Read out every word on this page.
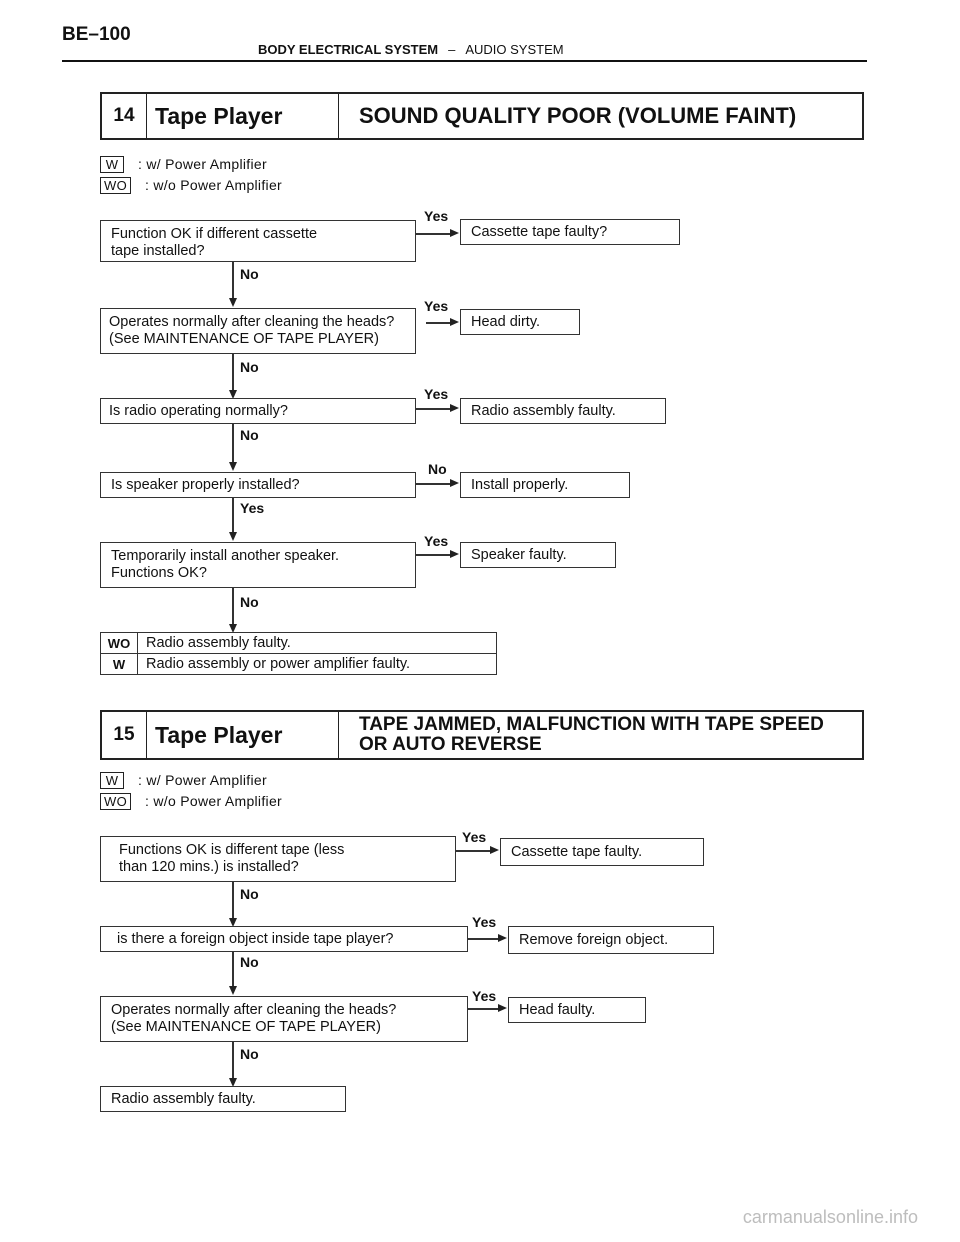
BE–100
BODY ELECTRICAL SYSTEM – AUDIO SYSTEM
14 Tape Player	SOUND QUALITY POOR (VOLUME FAINT)
W : w/ Power Amplifier
WO : w/o Power Amplifier
Function OK if different cassette
tape installed?
Yes
Cassette tape faulty?
No
Operates normally after cleaning the heads?
(See MAINTENANCE OF TAPE PLAYER)
Yes
Head dirty.
No
Is radio operating normally?
Yes
Radio assembly faulty.
No
Is speaker properly installed?
No
Install properly.
Yes
Temporarily install another speaker.
Functions OK?
Yes
Speaker faulty.
No
WO	Radio assembly faulty.
W	Radio assembly or power amplifier faulty.
15 Tape Player	TAPE JAMMED, MALFUNCTION WITH TAPE SPEED
OR AUTO REVERSE
W : w/ Power Amplifier
WO : w/o Power Amplifier
Functions OK is different tape (less
than 120 mins.) is installed?
Yes
Cassette tape faulty.
No
is there a foreign object inside tape player?
Yes
Remove foreign object.
No
Operates normally after cleaning the heads?
(See MAINTENANCE OF TAPE PLAYER)
Yes
Head faulty.
No
Radio assembly faulty.
carmanualsonline.info
